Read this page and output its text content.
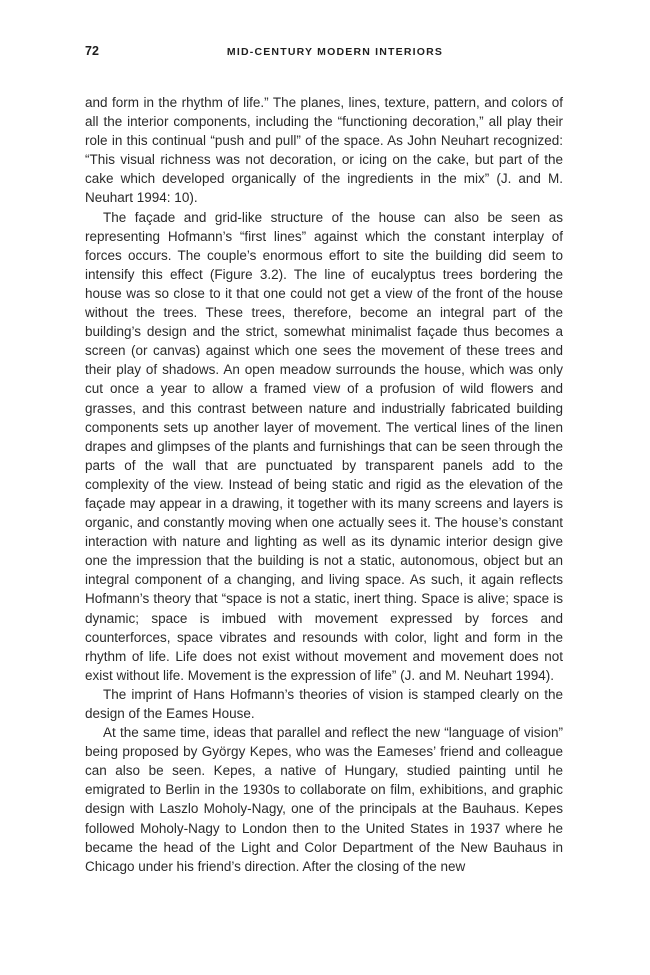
72	MID-CENTURY MODERN INTERIORS

and form in the rhythm of life.” The planes, lines, texture, pattern, and colors of all the interior components, including the “functioning decoration,” all play their role in this continual “push and pull” of the space. As John Neuhart recognized: “This visual richness was not decoration, or icing on the cake, but part of the cake which developed organically of the ingredients in the mix” (J. and M. Neuhart 1994: 10).

The façade and grid-like structure of the house can also be seen as representing Hofmann’s “first lines” against which the constant interplay of forces occurs. The couple’s enormous effort to site the building did seem to intensify this effect (Figure 3.2). The line of eucalyptus trees bordering the house was so close to it that one could not get a view of the front of the house without the trees. These trees, therefore, become an integral part of the building’s design and the strict, somewhat minimalist façade thus becomes a screen (or canvas) against which one sees the movement of these trees and their play of shadows. An open meadow surrounds the house, which was only cut once a year to allow a framed view of a profusion of wild flowers and grasses, and this contrast between nature and industrially fabricated building components sets up another layer of movement. The vertical lines of the linen drapes and glimpses of the plants and furnishings that can be seen through the parts of the wall that are punctuated by transparent panels add to the complexity of the view. Instead of being static and rigid as the elevation of the façade may appear in a drawing, it together with its many screens and layers is organic, and constantly moving when one actually sees it. The house’s constant interaction with nature and lighting as well as its dynamic interior design give one the impression that the building is not a static, autonomous, object but an integral component of a changing, and living space. As such, it again reflects Hofmann’s theory that “space is not a static, inert thing. Space is alive; space is dynamic; space is imbued with movement expressed by forces and counterforces, space vibrates and resounds with color, light and form in the rhythm of life. Life does not exist without movement and movement does not exist without life. Movement is the expression of life” (J. and M. Neuhart 1994).

The imprint of Hans Hofmann’s theories of vision is stamped clearly on the design of the Eames House.

At the same time, ideas that parallel and reflect the new “language of vision” being proposed by György Kepes, who was the Eameses’ friend and colleague can also be seen. Kepes, a native of Hungary, studied painting until he emigrated to Berlin in the 1930s to collaborate on film, exhibitions, and graphic design with Laszlo Moholy-Nagy, one of the principals at the Bauhaus. Kepes followed Moholy-Nagy to London then to the United States in 1937 where he became the head of the Light and Color Department of the New Bauhaus in Chicago under his friend’s direction. After the closing of the new
